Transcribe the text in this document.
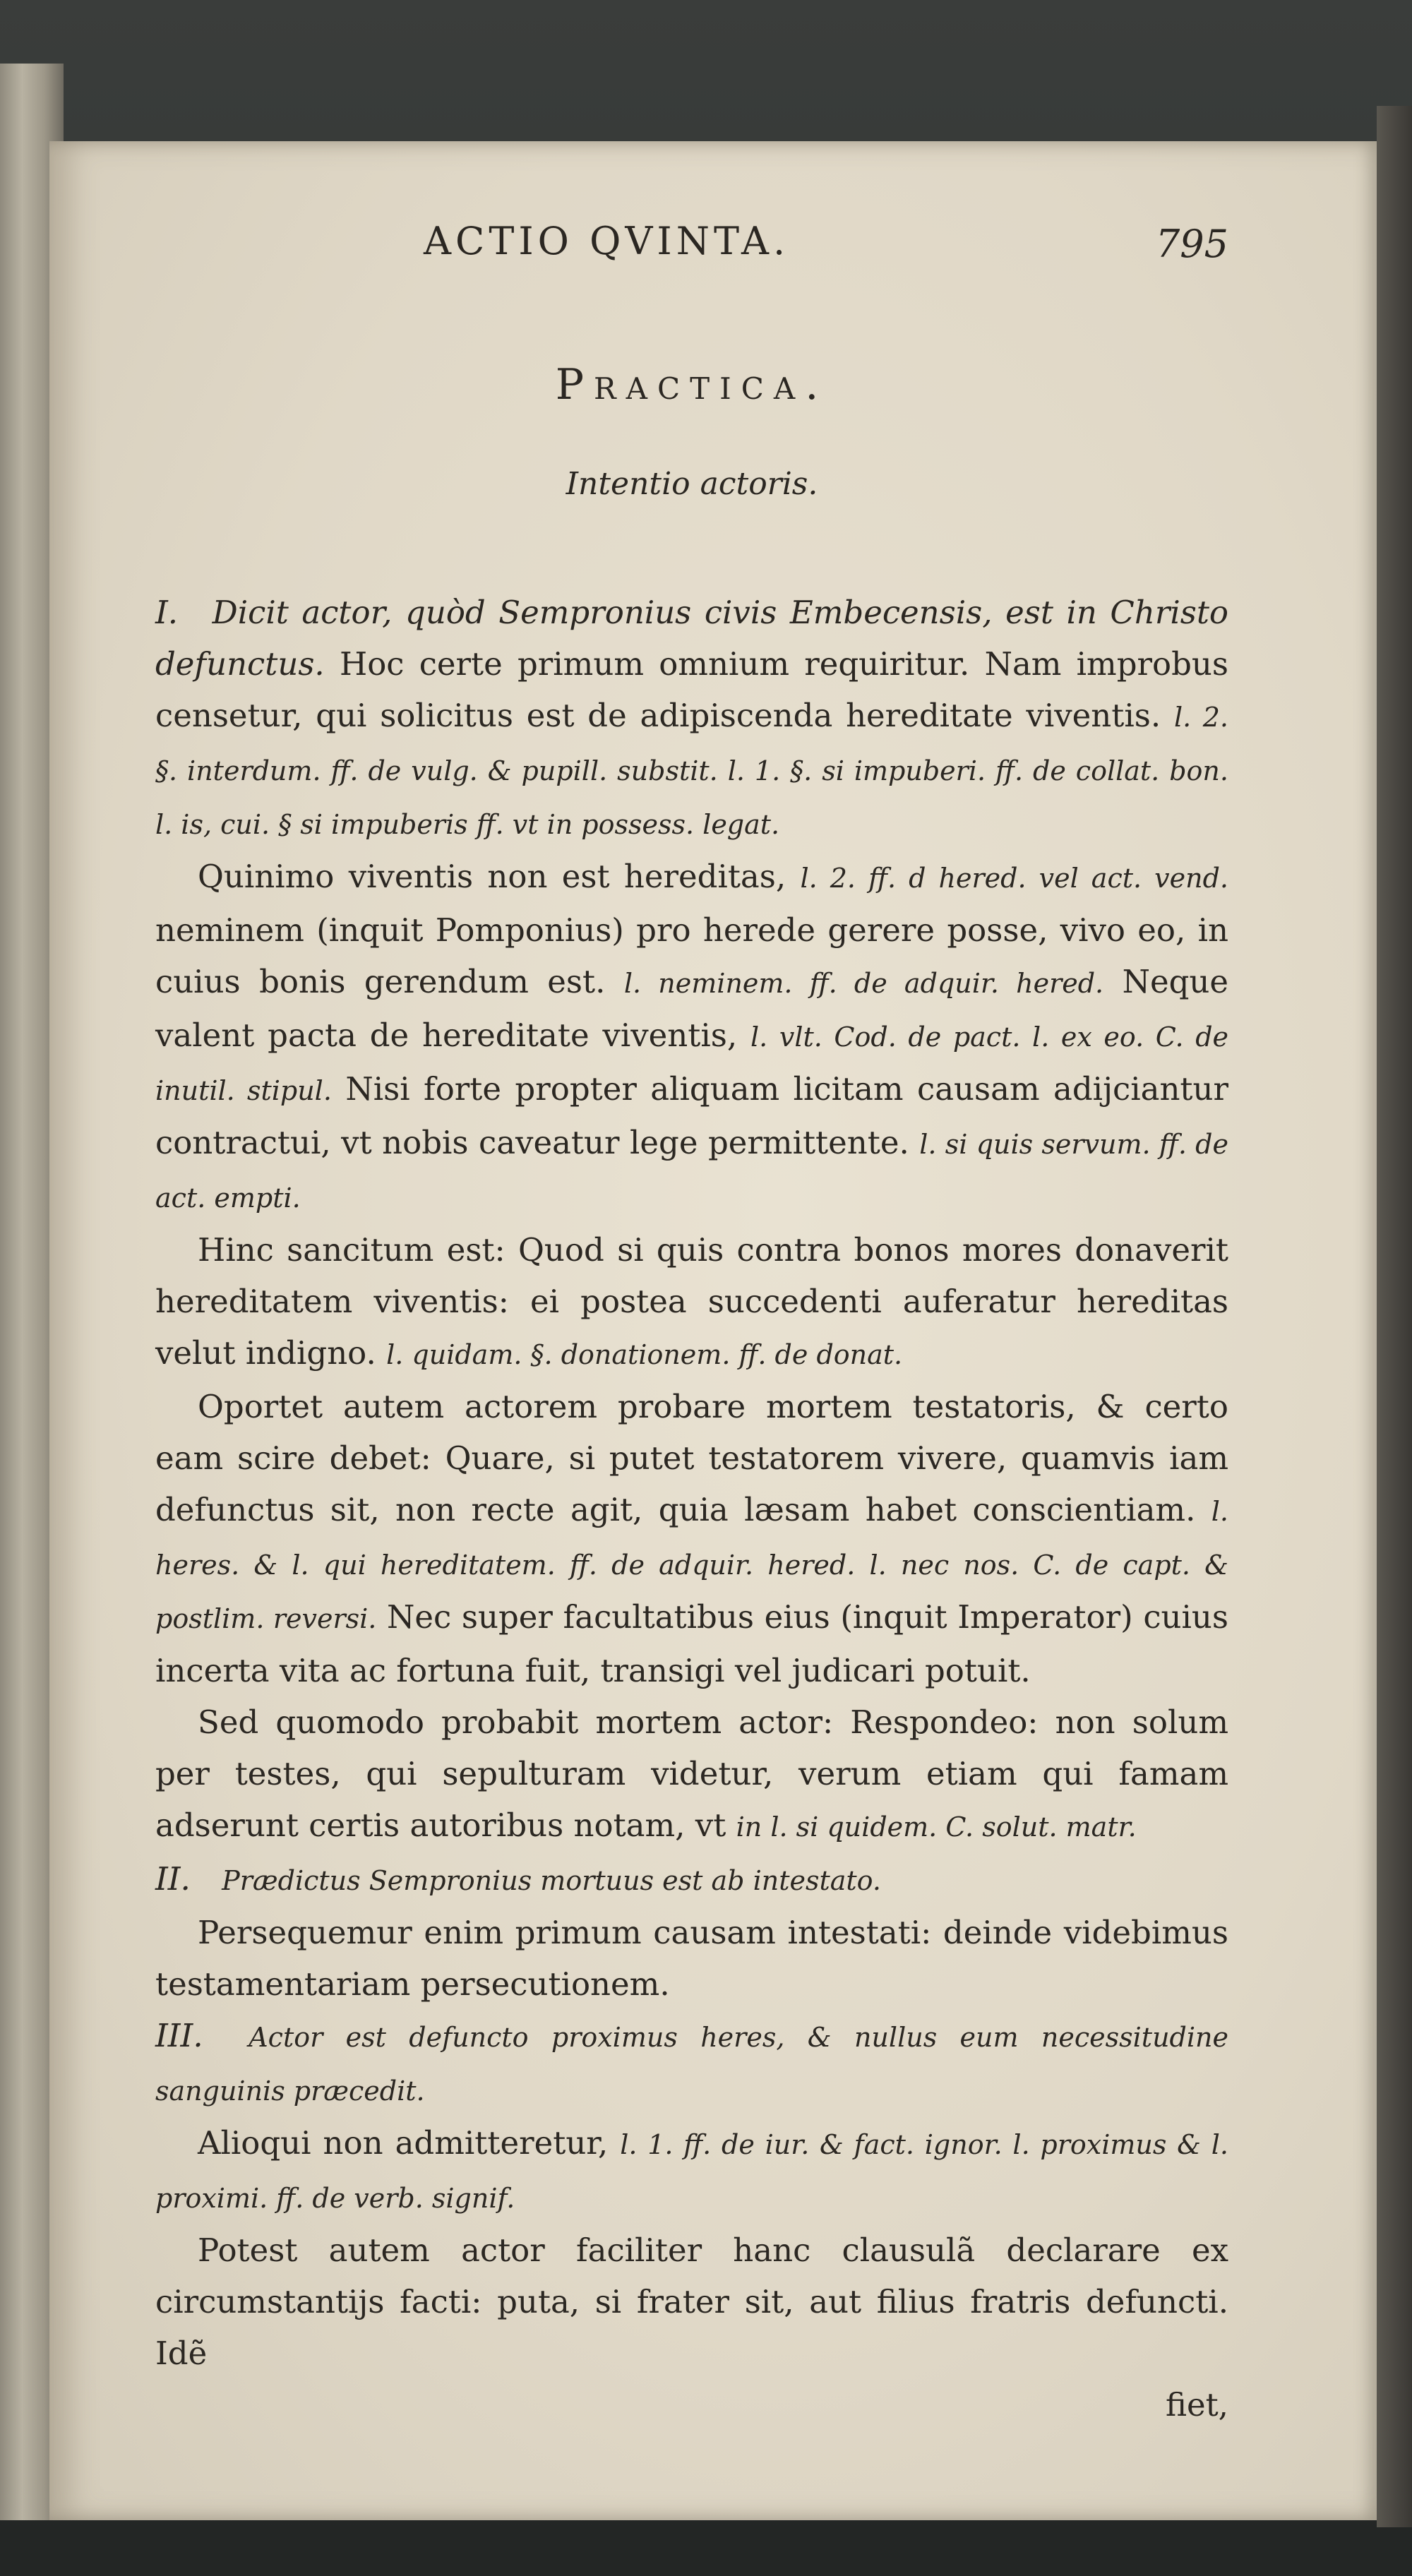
ACTIO QVINTA.	795
Practica.
Intentio actoris.

I. Dicit actor, quòd Sempronius civis Embecensis, est in Christo defunctus. Hoc certe primum omnium requiritur. Nam improbus censetur, qui solicitus est de adipiscenda hereditate viventis. l. 2. §. interdum. ff. de vulg. & pupill. substit. l. 1. §. si impuberi. ff. de collat. bon. l. is, cui. § si impuberis ff. vt in possess. legat.

Quinimo viventis non est hereditas, l. 2. ff. d hered. vel act. vend. neminem (inquit Pomponius) pro herede gerere posse, vivo eo, in cuius bonis gerendum est. l. neminem. ff. de adquir. hered. Neque valent pacta de hereditate viventis, l. vlt. Cod. de pact. l. ex eo. C. de inutil. stipul. Nisi forte propter aliquam licitam causam adijciantur contractui, vt nobis caveatur lege permittente. l. si quis servum. ff. de act. empti.

Hinc sancitum est: Quod si quis contra bonos mores donaverit hereditatem viventis: ei postea succedenti auferatur hereditas velut indigno. l. quidam. §. donationem. ff. de donat.

Oportet autem actorem probare mortem testatoris, & certo eam scire debet: Quare, si putet testatorem vivere, quamvis iam defunctus sit, non recte agit, quia læsam habet conscientiam. l. heres. & l. qui hereditatem. ff. de adquir. hered. l. nec nos. C. de capt. & postlim. reversi. Nec super facultatibus eius (inquit Imperator) cuius incerta vita ac fortuna fuit, transigi vel judicari potuit.

Sed quomodo probabit mortem actor: Respondeo: non solum per testes, qui sepulturam videtur, verum etiam qui famam adserunt certis autoribus notam, vt in l. si quidem. C. solut. matr.

II. Prædictus Sempronius mortuus est ab intestato.

Persequemur enim primum causam intestati: deinde videbimus testamentariam persecutionem.

III. Actor est defuncto proximus heres, & nullus eum necessitudine sanguinis præcedit.

Alioqui non admitteretur, l. 1. ff. de iur. & fact. ignor. l. proximus & l. proximi. ff. de verb. signif.

Potest autem actor faciliter hanc clausulã declarare ex circumstantijs facti: puta, si frater sit, aut filius fratris defuncti. Idẽ

fiet,
